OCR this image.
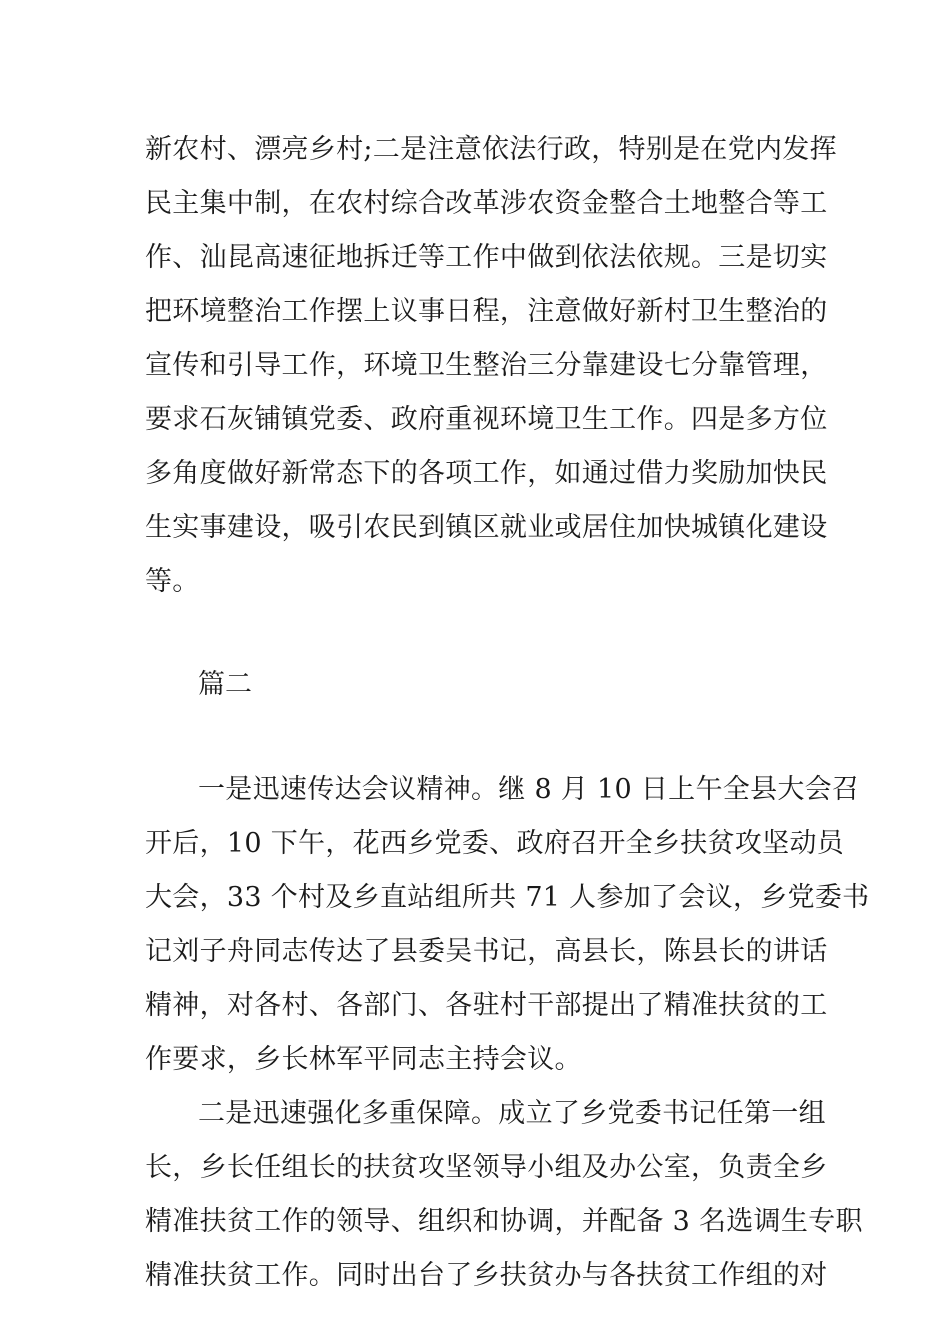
新农村、漂亮乡村;二是注意依法行政，特别是在党内发挥
民主集中制，在农村综合改革涉农资金整合土地整合等工
作、汕昆高速征地拆迁等工作中做到依法依规。三是切实
把环境整治工作摆上议事日程，注意做好新村卫生整治的
宣传和引导工作，环境卫生整治三分靠建设七分靠管理，
要求石灰铺镇党委、政府重视环境卫生工作。四是多方位
多角度做好新常态下的各项工作，如通过借力奖励加快民
生实事建设，吸引农民到镇区就业或居住加快城镇化建设
等。
篇二
一是迅速传达会议精神。继 8 月 10 日上午全县大会召
开后，10 下午，花西乡党委、政府召开全乡扶贫攻坚动员
大会，33 个村及乡直站组所共 71 人参加了会议，乡党委书
记刘子舟同志传达了县委吴书记，高县长，陈县长的讲话
精神，对各村、各部门、各驻村干部提出了精准扶贫的工
作要求，乡长林军平同志主持会议。
二是迅速强化多重保障。成立了乡党委书记任第一组
长，乡长任组长的扶贫攻坚领导小组及办公室，负责全乡
精准扶贫工作的领导、组织和协调，并配备 3 名选调生专职
精准扶贫工作。同时出台了乡扶贫办与各扶贫工作组的对
